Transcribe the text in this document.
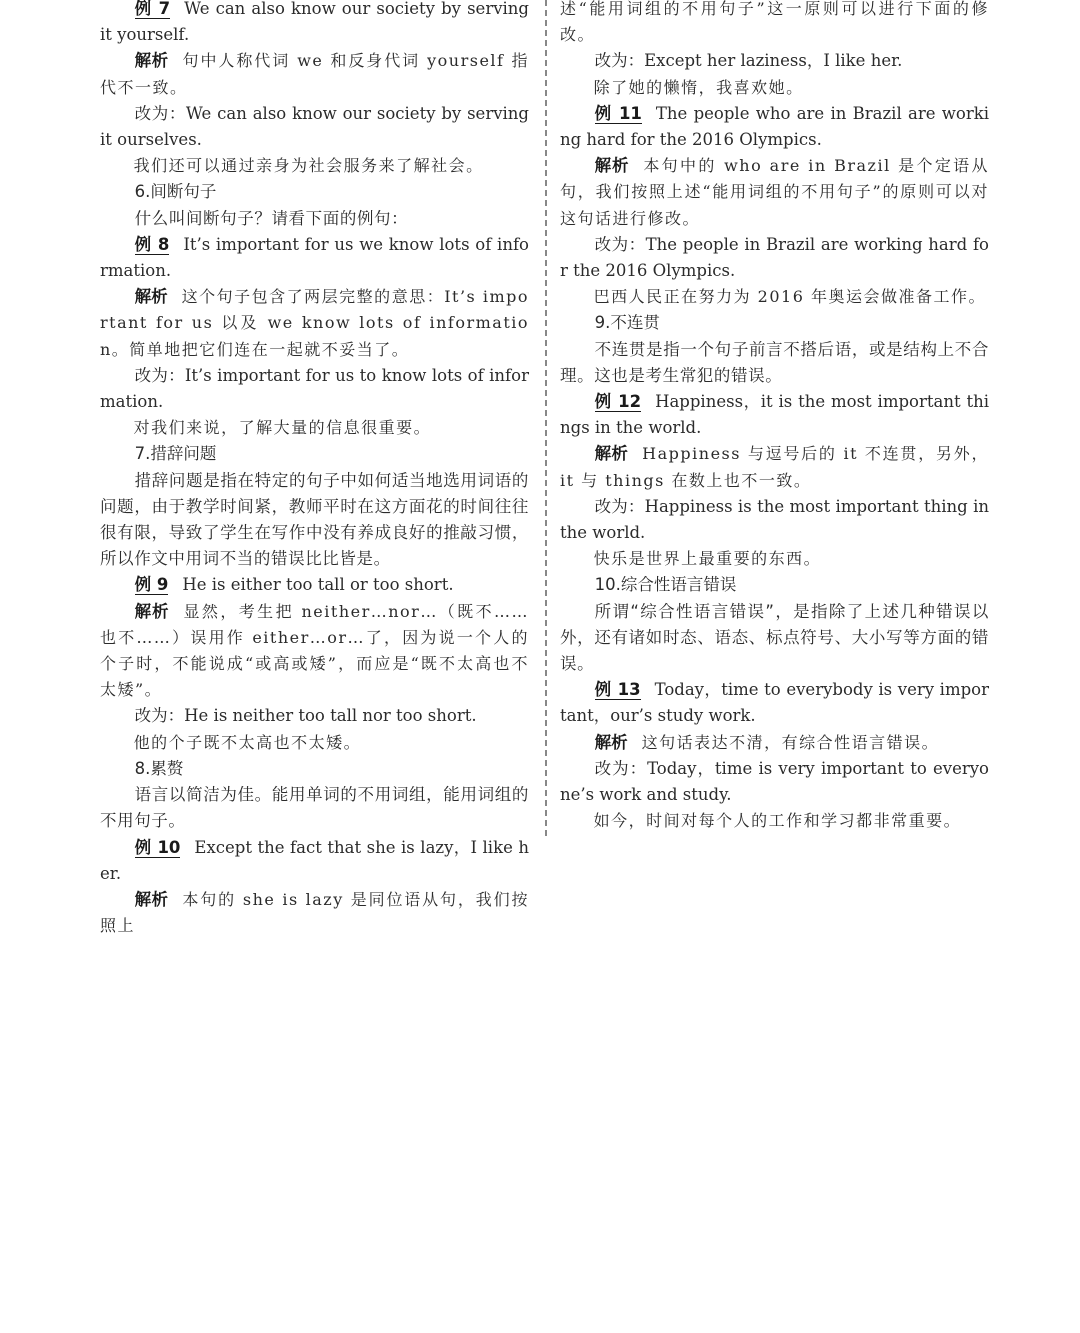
例 7 We can also know our society by serving it yourself.

解析 句中人称代词 we 和反身代词 yourself 指代不一致。

改为：We can also know our society by serving it ourselves.

我们还可以通过亲身为社会服务来了解社会。

6.间断句子

什么叫间断句子？请看下面的例句：

例 8 It’s important for us we know lots of information.

解析 这个句子包含了两层完整的意思：It’s important for us 以及 we know lots of information。简单地把它们连在一起就不妥当了。

改为：It’s important for us to know lots of information.

对我们来说，了解大量的信息很重要。

7.措辞问题

措辞问题是指在特定的句子中如何适当地选用词语的问题，由于教学时间紧，教师平时在这方面花的时间往往很有限，导致了学生在写作中没有养成良好的推敲习惯，所以作文中用词不当的错误比比皆是。

例 9 He is either too tall or too short.

解析 显然，考生把 neither…nor…（既不……也不……）误用作 either…or…了，因为说一个人的个子时，不能说成“或高或矮”，而应是“既不太高也不太矮”。

改为：He is neither too tall nor too short.

他的个子既不太高也不太矮。

8.累赘

语言以简洁为佳。能用单词的不用词组，能用词组的不用句子。

例 10 Except the fact that she is lazy，I like her.

解析 本句的 she is lazy 是同位语从句，我们按照上

述“能用词组的不用句子”这一原则可以进行下面的修改。

改为：Except her laziness，I like her.

除了她的懒惰，我喜欢她。

例 11 The people who are in Brazil are working hard for the 2016 Olympics.

解析 本句中的 who are in Brazil 是个定语从句，我们按照上述“能用词组的不用句子”的原则可以对这句话进行修改。

改为：The people in Brazil are working hard for the 2016 Olympics.

巴西人民正在努力为 2016 年奥运会做准备工作。

9.不连贯

不连贯是指一个句子前言不搭后语，或是结构上不合理。这也是考生常犯的错误。

例 12 Happiness，it is the most important things in the world.

解析 Happiness 与逗号后的 it 不连贯，另外，it 与 things 在数上也不一致。

改为：Happiness is the most important thing in the world.

快乐是世界上最重要的东西。

10.综合性语言错误

所谓“综合性语言错误”，是指除了上述几种错误以外，还有诸如时态、语态、标点符号、大小写等方面的错误。

例 13 Today，time to everybody is very important，our’s study work.

解析 这句话表达不清，有综合性语言错误。

改为：Today，time is very important to everyone’s work and study.

如今，时间对每个人的工作和学习都非常重要。
